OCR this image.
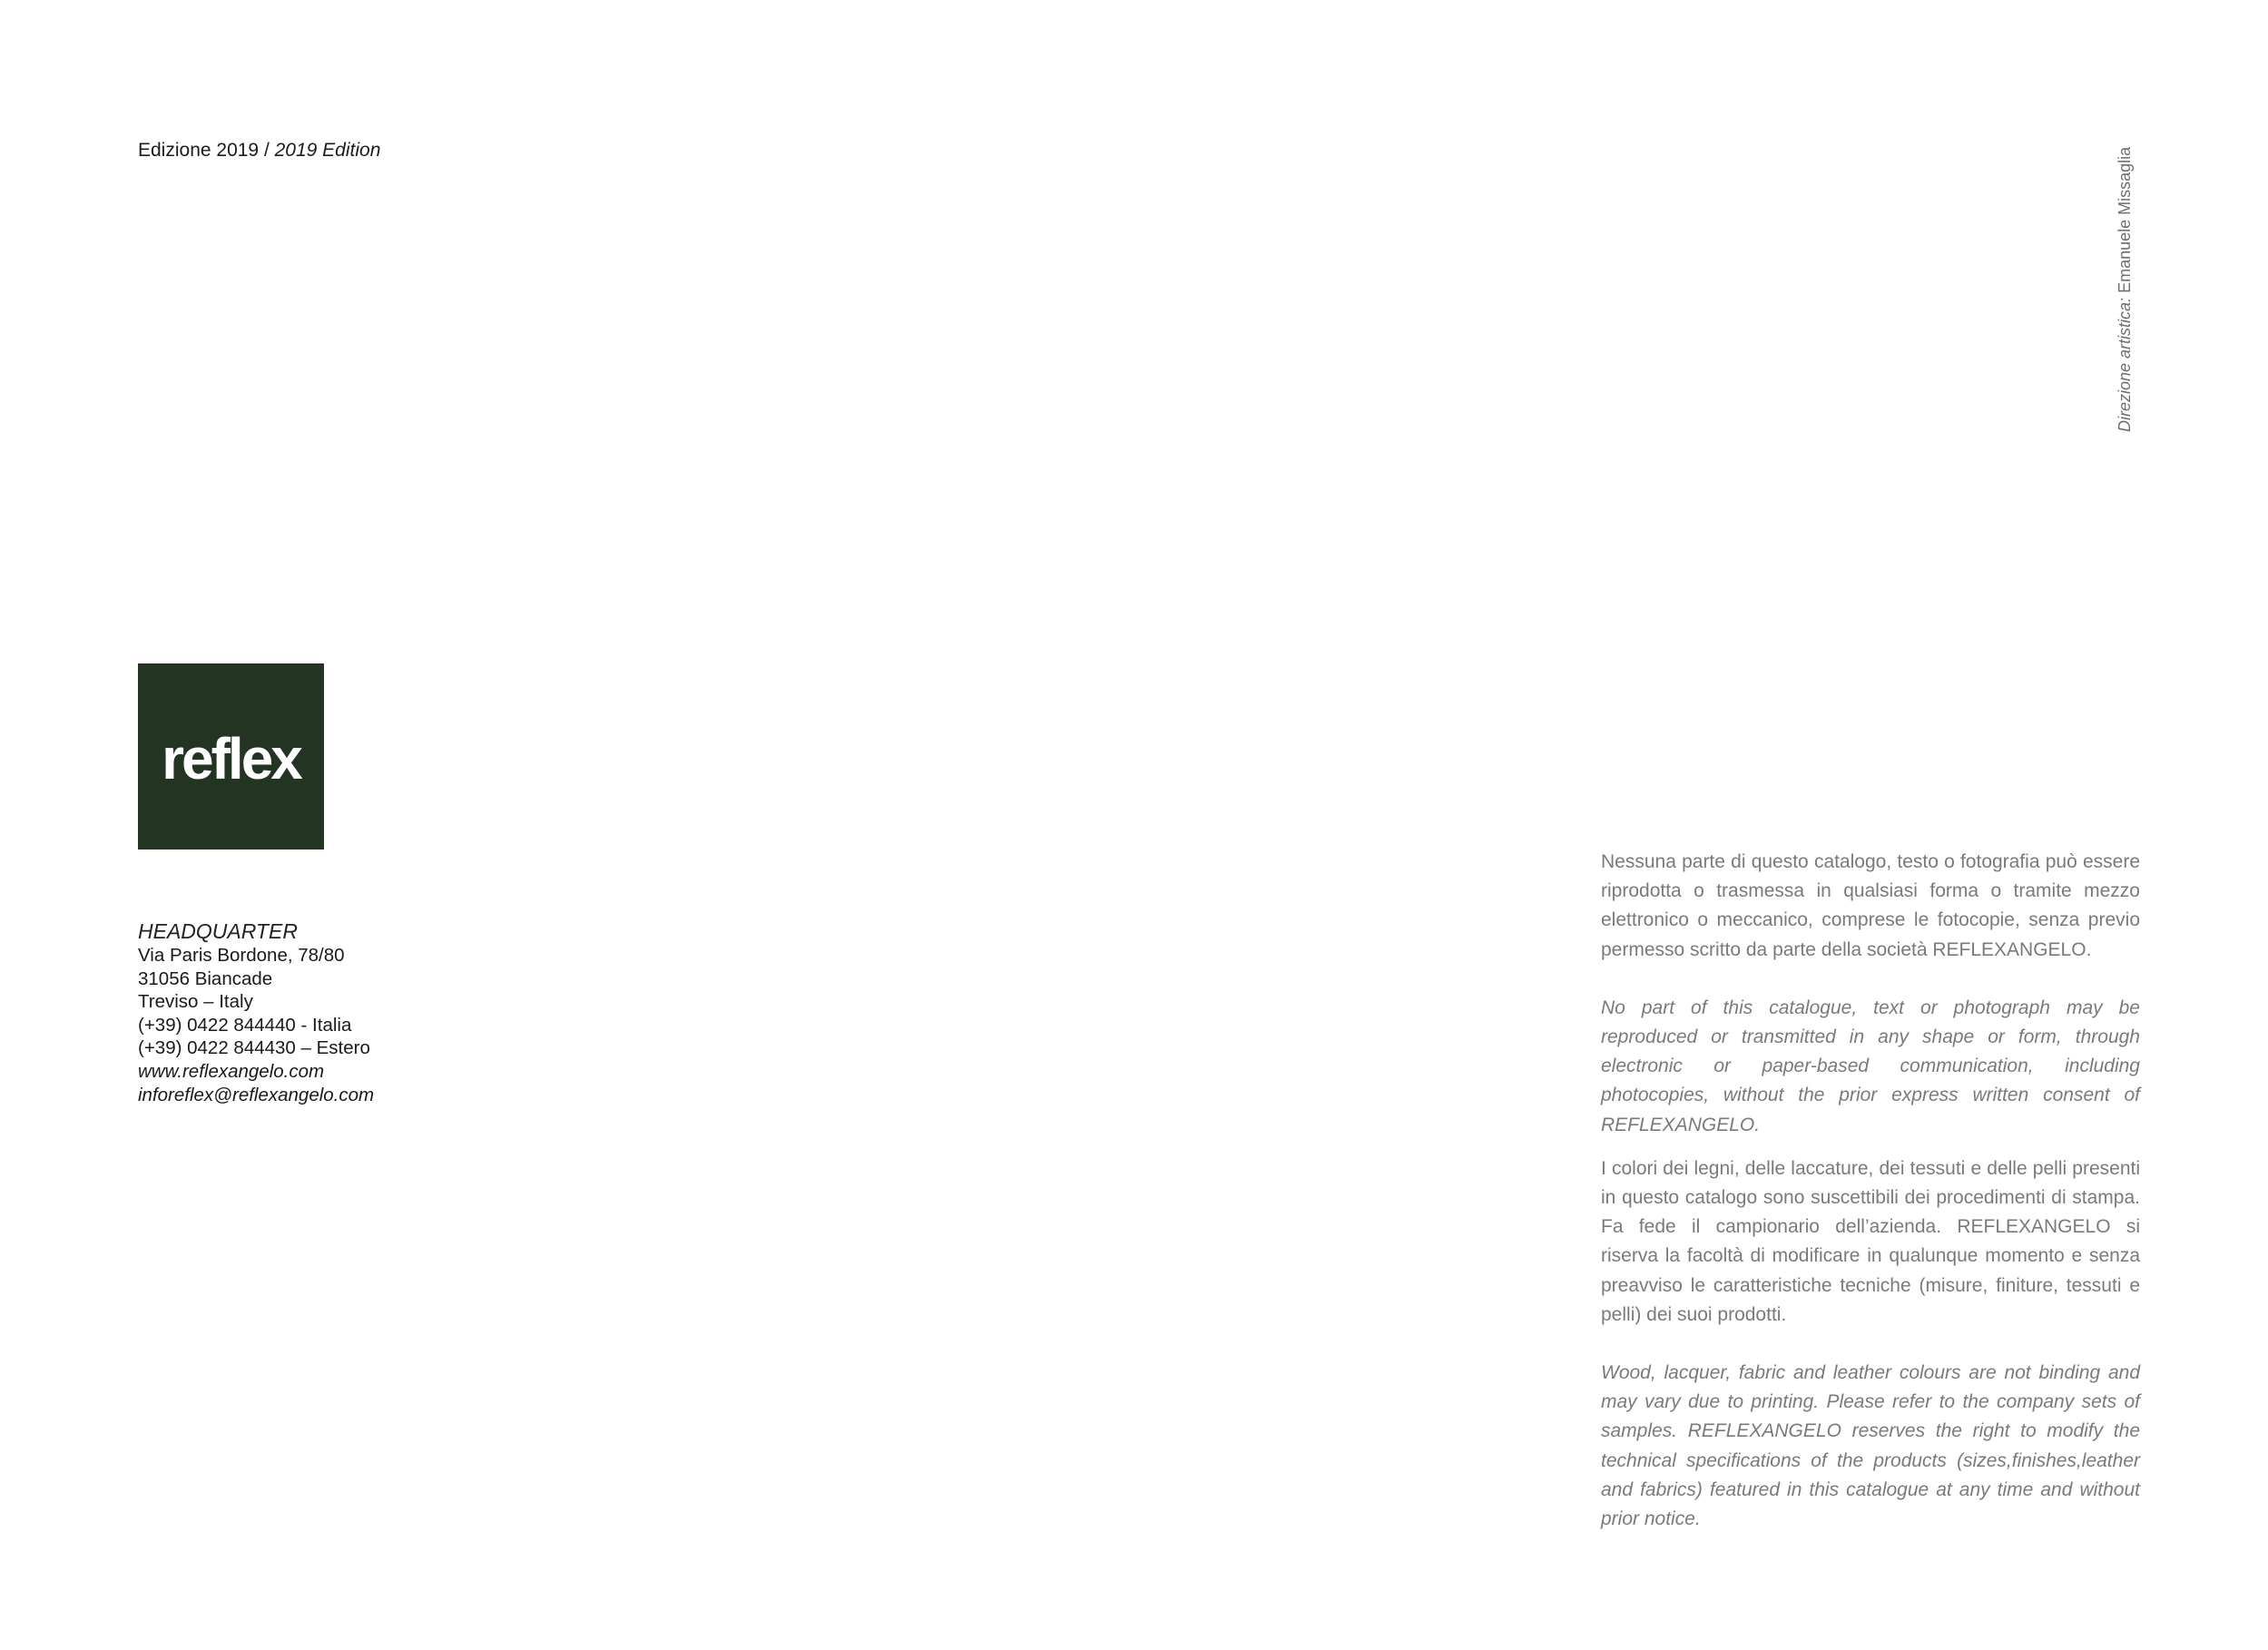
Edizione 2019 / 2019 Edition
Direzione artistica: Emanuele Missaglia
reflex
HEADQUARTER
Via Paris Bordone, 78/80
31056 Biancade
Treviso – Italy
(+39) 0422 844440 - Italia
(+39) 0422 844430 – Estero
www.reflexangelo.com
inforeflex@reflexangelo.com

Nessuna parte di questo catalogo, testo o fotografia può essere riprodotta o trasmessa in qualsiasi forma o tramite mezzo elettronico o meccanico, comprese le fotocopie, senza previo permesso scritto da parte della società REFLEXANGELO.

No part of this catalogue, text or photograph may be reproduced or transmitted in any shape or form, through electronic or paper-based communication, including photocopies, without the prior express written consent of REFLEXANGELO.

I colori dei legni, delle laccature, dei tessuti e delle pelli presenti in questo catalogo sono suscettibili dei procedimenti di stampa. Fa fede il campionario dell’azienda. REFLEXANGELO si riserva la facoltà di modificare in qualunque momento e senza preavviso le caratteristiche tecniche (misure, finiture, tessuti e pelli) dei suoi prodotti.

Wood, lacquer, fabric and leather colours are not binding and may vary due to printing. Please refer to the company sets of samples. REFLEXANGELO reserves the right to modify the technical specifications of the products (sizes,finishes,leather and fabrics) featured in this catalogue at any time and without prior notice.
